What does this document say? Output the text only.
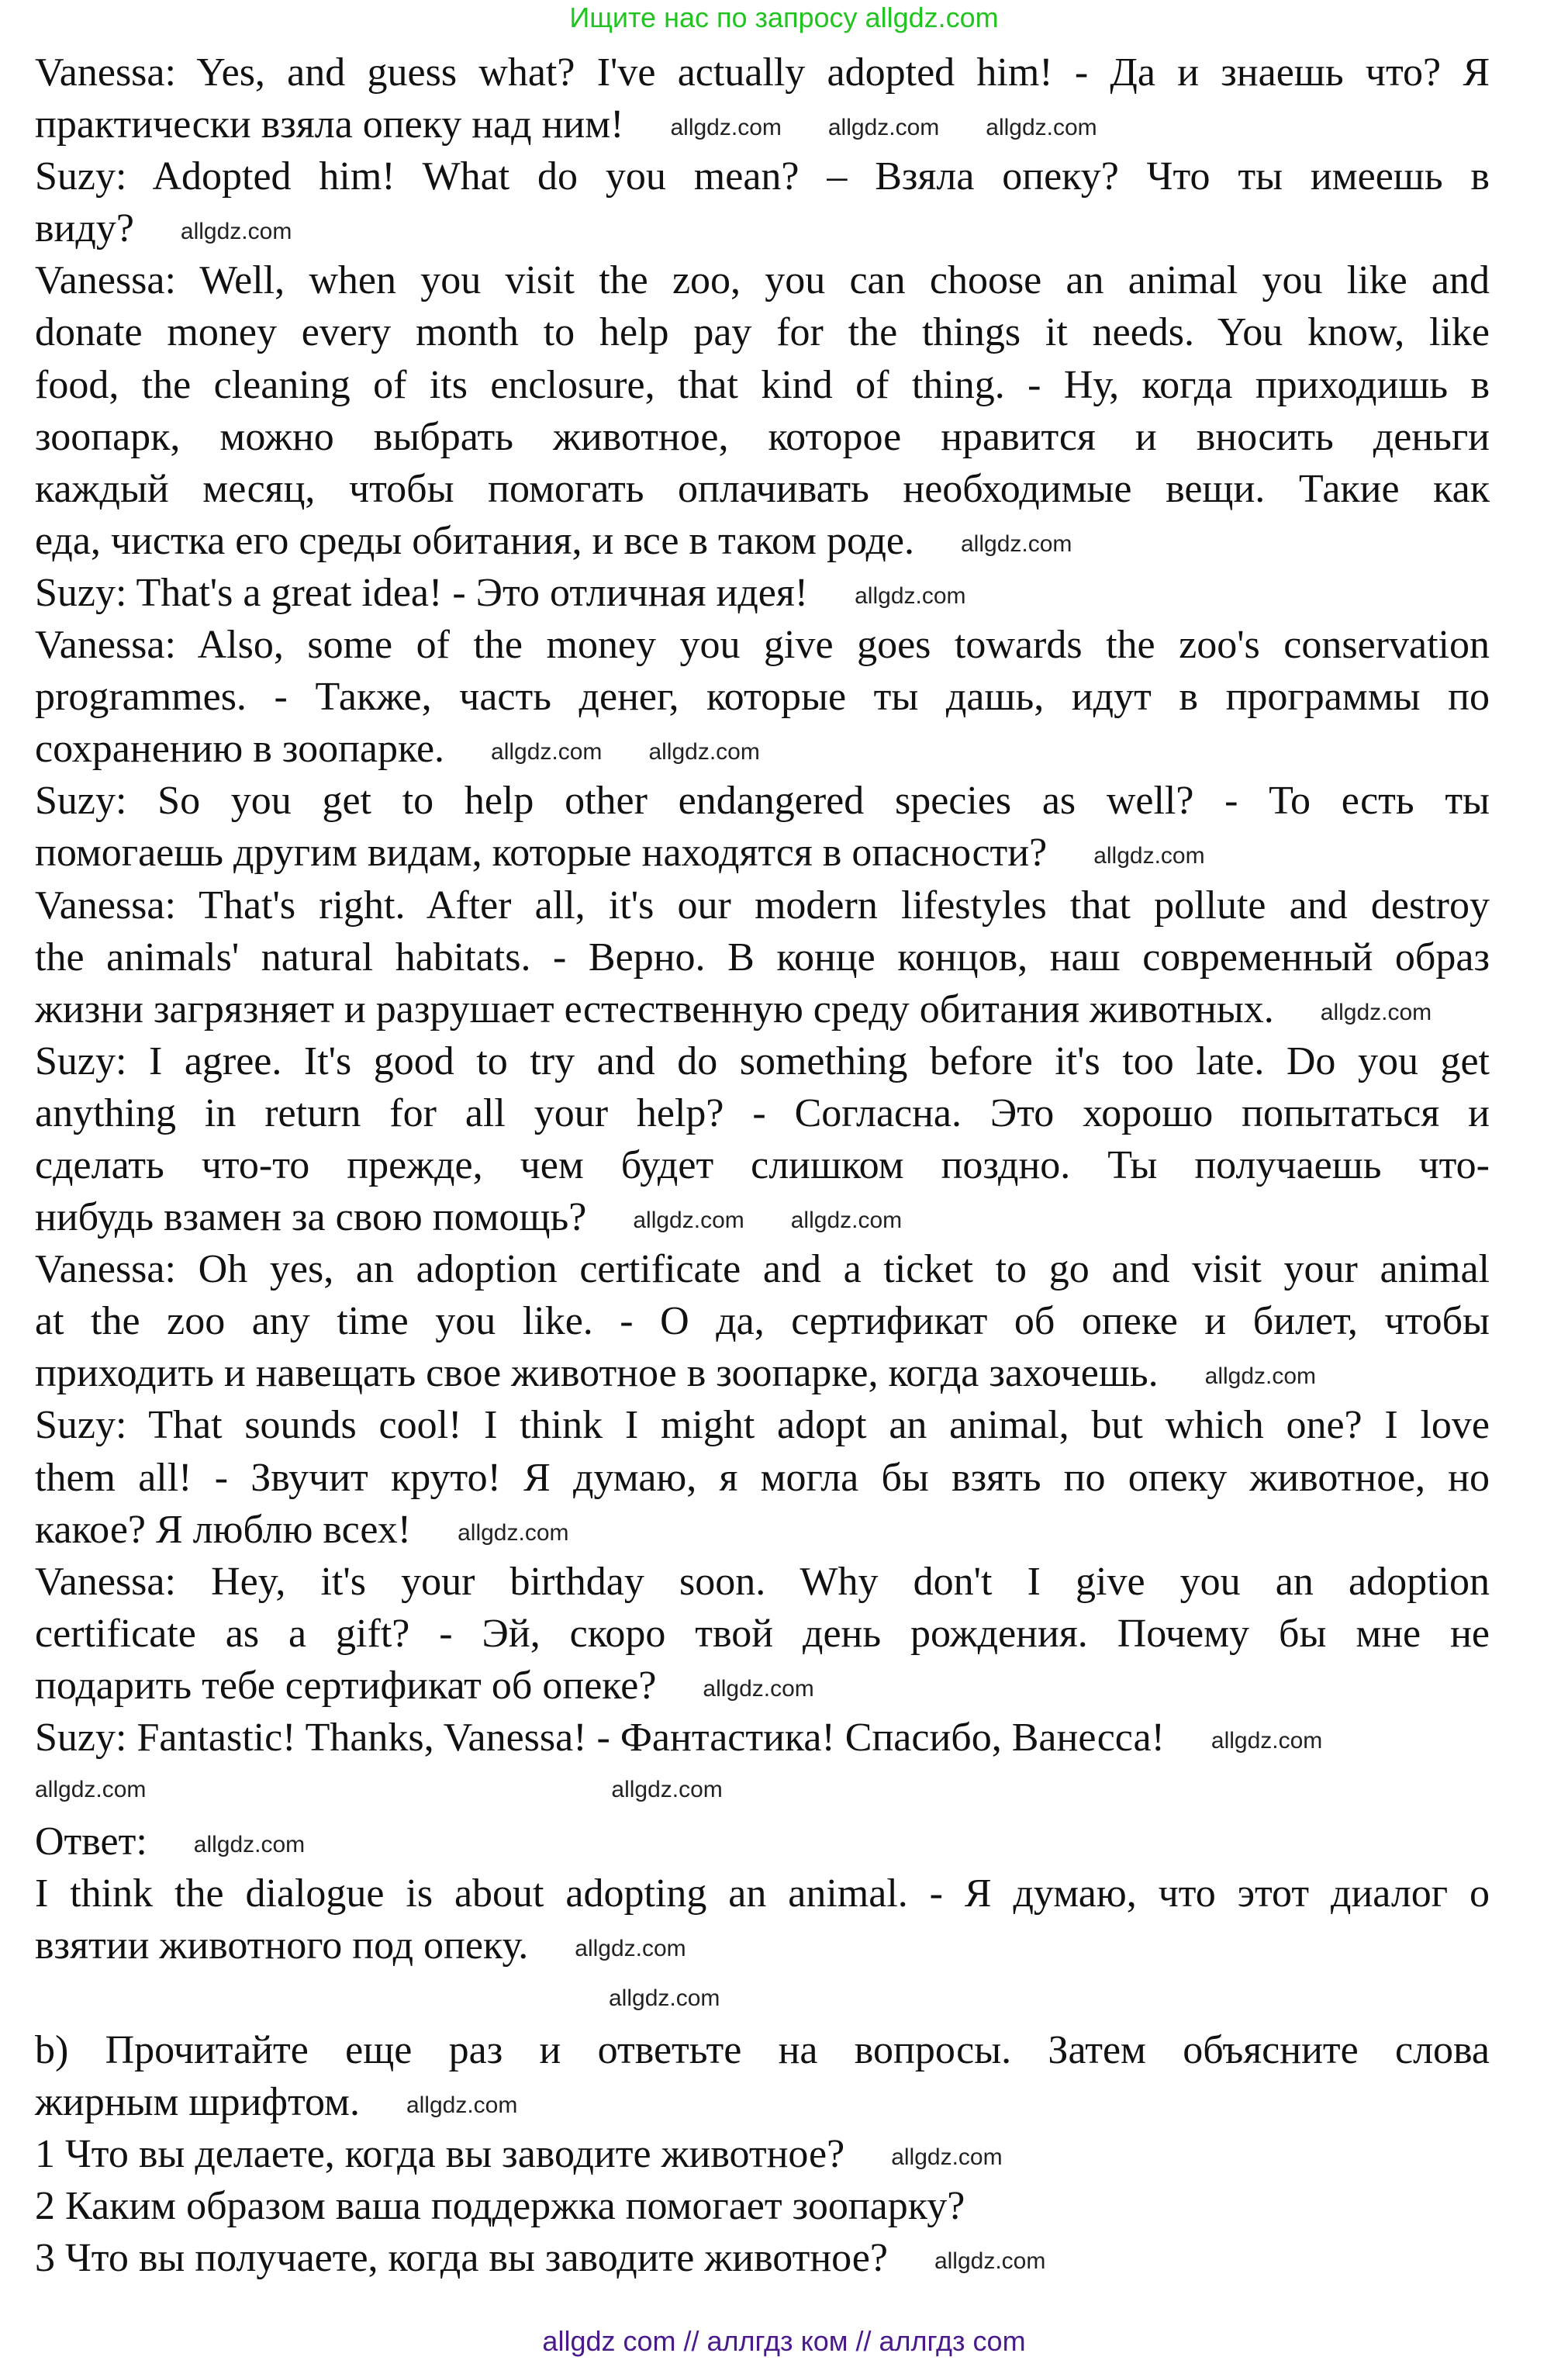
Ищите нас по запросу allgdz.com
Vanessa: Yes, and guess what? I've actually adopted him! - Да и знаешь что? Я
практически взяла опеку над ним! allgdz.com allgdz.com allgdz.com
Suzy: Adopted him! What do you mean? – Взяла опеку? Что ты имеешь в
виду? allgdz.com
Vanessa: Well, when you visit the zoo, you can choose an animal you like and
donate money every month to help pay for the things it needs. You know, like
food, the cleaning of its enclosure, that kind of thing. - Ну, когда приходишь в
зоопарк, можно выбрать животное, которое нравится и вносить деньги
каждый месяц, чтобы помогать оплачивать необходимые вещи. Такие как
еда, чистка его среды обитания, и все в таком роде. allgdz.com
Suzy: That's a great idea! - Это отличная идея! allgdz.com
Vanessa: Also, some of the money you give goes towards the zoo's conservation
programmes. - Также, часть денег, которые ты дашь, идут в программы по
сохранению в зоопарке. allgdz.com allgdz.com
Suzy: So you get to help other endangered species as well? - То есть ты
помогаешь другим видам, которые находятся в опасности? allgdz.com
Vanessa: That's right. After all, it's our modern lifestyles that pollute and destroy
the animals' natural habitats. - Верно. В конце концов, наш современный образ
жизни загрязняет и разрушает естественную среду обитания животных. allgdz.com
Suzy: I agree. It's good to try and do something before it's too late. Do you get
anything in return for all your help? - Согласна. Это хорошо попытаться и
сделать что-то прежде, чем будет слишком поздно. Ты получаешь что-
нибудь взамен за свою помощь? allgdz.com allgdz.com
Vanessa: Oh yes, an adoption certificate and a ticket to go and visit your animal
at the zoo any time you like. - О да, сертификат об опеке и билет, чтобы
приходить и навещать свое животное в зоопарке, когда захочешь. allgdz.com
Suzy: That sounds cool! I think I might adopt an animal, but which one? I love
them all! - Звучит круто! Я думаю, я могла бы взять по опеку животное, но
какое? Я люблю всех! allgdz.com
Vanessa: Hey, it's your birthday soon. Why don't I give you an adoption
certificate as a gift? - Эй, скоро твой день рождения. Почему бы мне не
подарить тебе сертификат об опеке? allgdz.com
Suzy: Fantastic! Thanks, Vanessa! - Фантастика! Спасибо, Ванесса! allgdz.com
allgdz.com	allgdz.com
Ответ: allgdz.com
I think the dialogue is about adopting an animal. - Я думаю, что этот диалог о
взятии животного под опеку. allgdz.com
allgdz.com
b) Прочитайте еще раз и ответьте на вопросы. Затем объясните слова
жирным шрифтом. allgdz.com
1 Что вы делаете, когда вы заводите животное? allgdz.com
2 Каким образом ваша поддержка помогает зоопарку?
3 Что вы получаете, когда вы заводите животное? allgdz.com
allgdz com // аллгдз ком // аллгдз com
